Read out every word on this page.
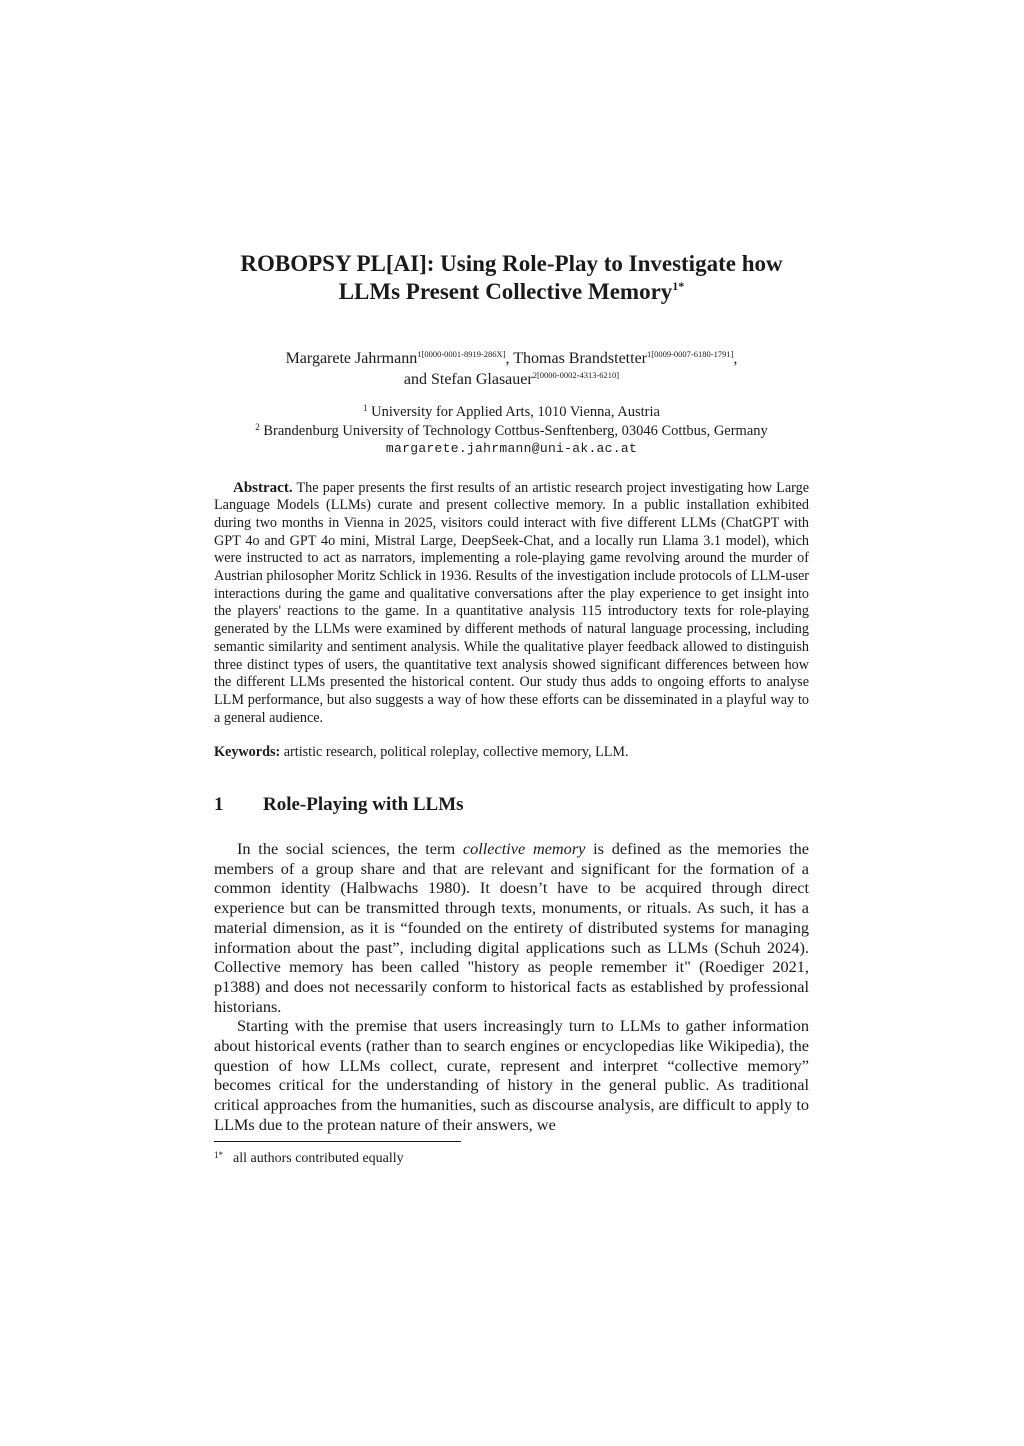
ROBOPSY PL[AI]: Using Role-Play to Investigate how
LLMs Present Collective Memory$^{1*}$
Margarete Jahrmann$^{1[0000-0001-8919-286X]}$, Thomas Brandstetter$^{1[0009-0007-6180-1791]}$,
and Stefan Glasauer$^{2[0000-0002-4313-6210]}$
$^1$ University for Applied Arts, 1010 Vienna, Austria
$^2$ Brandenburg University of Technology Cottbus-Senftenberg, 03046 Cottbus, Germany
margarete.jahrmann@uni-ak.ac.at
Abstract. The paper presents the first results of an artistic research project investigating how Large Language Models (LLMs) curate and present collective memory. In a public installation exhibited during two months in Vienna in 2025, visitors could interact with five different LLMs (ChatGPT with GPT 4o and GPT 4o mini, Mistral Large, DeepSeek-Chat, and a locally run Llama 3.1 model), which were instructed to act as narrators, implementing a role-playing game revolving around the murder of Austrian philosopher Moritz Schlick in 1936. Results of the investigation include protocols of LLM-user interactions during the game and qualitative conversations after the play experience to get insight into the players' reactions to the game. In a quantitative analysis 115 introductory texts for role-playing generated by the LLMs were examined by different methods of natural language processing, including semantic similarity and sentiment analysis. While the qualitative player feedback allowed to distinguish three distinct types of users, the quantitative text analysis showed significant differences between how the different LLMs presented the historical content. Our study thus adds to ongoing efforts to analyse LLM performance, but also suggests a way of how these efforts can be disseminated in a playful way to a general audience.
Keywords: artistic research, political roleplay, collective memory, LLM.
1	Role-Playing with LLMs

In the social sciences, the term collective memory is defined as the memories the members of a group share and that are relevant and significant for the formation of a common identity (Halbwachs 1980). It doesn’t have to be acquired through direct experience but can be transmitted through texts, monuments, or rituals. As such, it has a material dimension, as it is “founded on the entirety of distributed systems for managing information about the past”, including digital applications such as LLMs (Schuh 2024). Collective memory has been called "history as people remember it" (Roediger 2021, p1388) and does not necessarily conform to historical facts as established by professional historians.

Starting with the premise that users increasingly turn to LLMs to gather information about historical events (rather than to search engines or encyclopedias like Wikipedia), the question of how LLMs collect, curate, represent and interpret “collective memory” becomes critical for the understanding of history in the general public. As traditional critical approaches from the humanities, such as discourse analysis, are difficult to apply to LLMs due to the protean nature of their answers, we

1* all authors contributed equally
